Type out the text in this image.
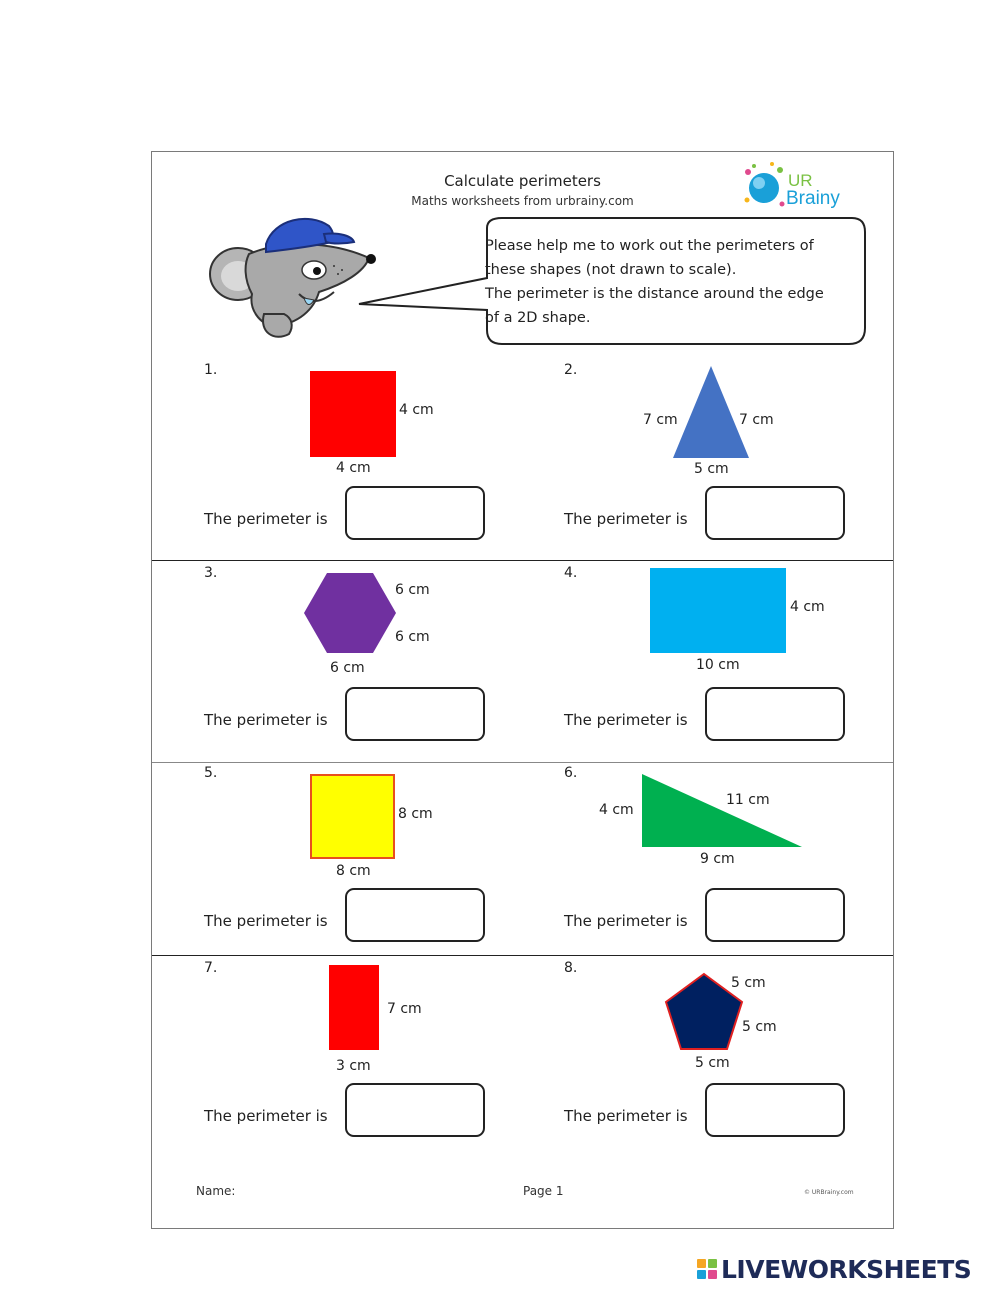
Calculate perimeters
Maths worksheets from urbrainy.com
UR
Brainy
Please help me to work out the perimeters of
these shapes (not drawn to scale).
The perimeter is the distance around the edge
of a 2D shape.
1.
4 cm
4 cm
The perimeter is
2.
7 cm	7 cm
5 cm
The perimeter is
3.
6 cm
6 cm
6 cm
The perimeter is
4.
4 cm
10 cm
The perimeter is
5.
8 cm
8 cm
The perimeter is
6.
4 cm
11 cm
9 cm
The perimeter is
7.
7 cm
3 cm
The perimeter is
8.
5 cm
5 cm
5 cm
The perimeter is
Name:	Page 1	© URBrainy.com
LIVEWORKSHEETS
